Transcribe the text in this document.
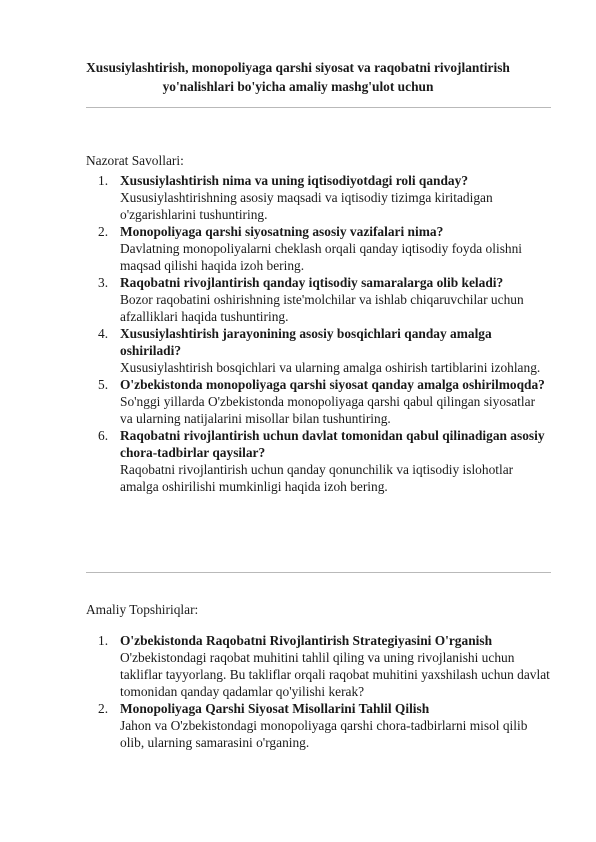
Xususiylashtirish, monopoliyaga qarshi siyosat va raqobatni rivojlantirish yo'nalishlari bo'yicha amaliy mashg'ulot uchun
Nazorat Savollari:
1. Xususiylashtirish nima va uning iqtisodiyotdagi roli qanday?
Xususiylashtirishning asosiy maqsadi va iqtisodiy tizimga kiritadigan o'zgarishlarini tushuntiring.
2. Monopoliyaga qarshi siyosatning asosiy vazifalari nima?
Davlatning monopoliyalarni cheklash orqali qanday iqtisodiy foyda olishni maqsad qilishi haqida izoh bering.
3. Raqobatni rivojlantirish qanday iqtisodiy samaralarga olib keladi?
Bozor raqobatini oshirishning iste'molchilar va ishlab chiqaruvchilar uchun afzalliklari haqida tushuntiring.
4. Xususiylashtirish jarayonining asosiy bosqichlari qanday amalga oshiriladi?
Xususiylashtirish bosqichlari va ularning amalga oshirish tartiblarini izohlang.
5. O'zbekistonda monopoliyaga qarshi siyosat qanday amalga oshirilmoqda?
So'nggi yillarda O'zbekistonda monopoliyaga qarshi qabul qilingan siyosatlar va ularning natijalarini misollar bilan tushuntiring.
6. Raqobatni rivojlantirish uchun davlat tomonidan qabul qilinadigan asosiy chora-tadbirlar qaysilar?
Raqobatni rivojlantirish uchun qanday qonunchilik va iqtisodiy islohotlar amalga oshirilishi mumkinligi haqida izoh bering.
Amaliy Topshiriqlar:
1. O'zbekistonda Raqobatni Rivojlantirish Strategiyasini O'rganish
O'zbekistondagi raqobat muhitini tahlil qiling va uning rivojlanishi uchun takliflar tayyorlang. Bu takliflar orqali raqobat muhitini yaxshilash uchun davlat tomonidan qanday qadamlar qo'yilishi kerak?
2. Monopoliyaga Qarshi Siyosat Misollarini Tahlil Qilish
Jahon va O'zbekistondagi monopoliyaga qarshi chora-tadbirlarni misol qilib olib, ularning samarasini o'rganing.
